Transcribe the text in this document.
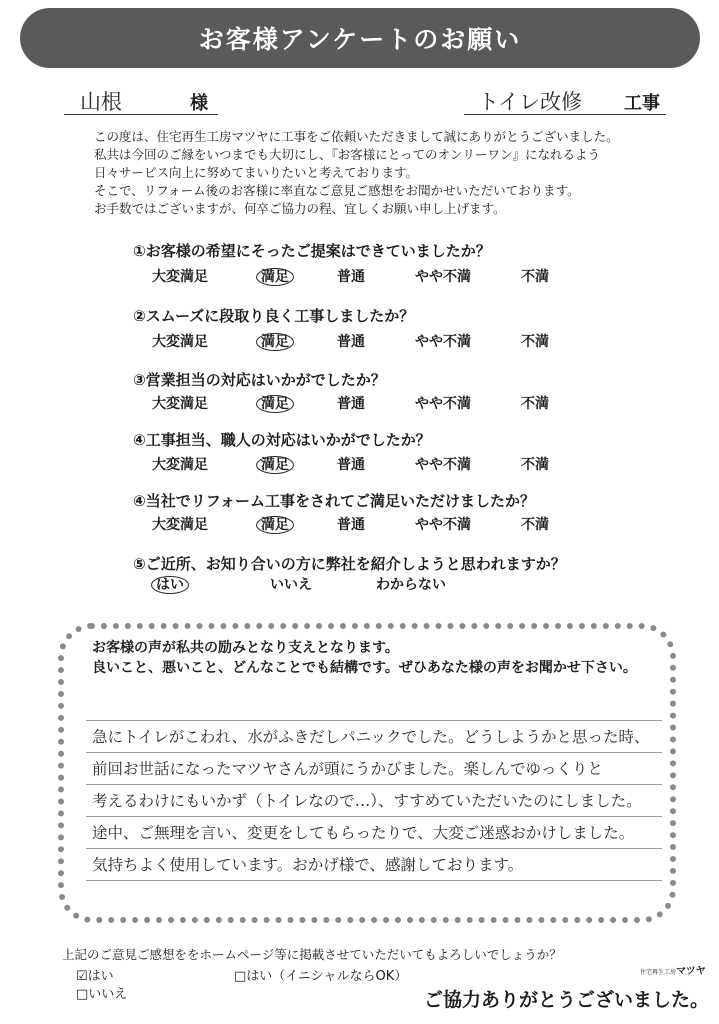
お客様アンケートのお願い
山根	様	トイレ改修 工事
この度は、住宅再生工房マツヤに工事をご依頼いただきまして誠にありがとうございました。
私共は今回のご縁をいつまでも大切にし、『お客様にとってのオンリーワン』になれるよう
日々サービス向上に努めてまいりたいと考えております。
そこで、リフォーム後のお客様に率直なご意見ご感想をお聞かせいただいております。
お手数ではございますが、何卒ご協力の程、宜しくお願い申し上げます。
①お客様の希望にそったご提案はできていましたか？
大変満足	満足	普通	やや不満	不満
②スムーズに段取り良く工事しましたか？
大変満足	満足	普通	やや不満	不満
③営業担当の対応はいかがでしたか？
大変満足	満足	普通	やや不満	不満
④工事担当、職人の対応はいかがでしたか？
大変満足	満足	普通	やや不満	不満
④当社でリフォーム工事をされてご満足いただけましたか？
大変満足	満足	普通	やや不満	不満
⑤ご近所、お知り合いの方に弊社を紹介しようと思われますか？
はい	いいえ	わからない
お客様の声が私共の励みとなり支えとなります。
良いこと、悪いこと、どんなことでも結構です。ぜひあなた様の声をお聞かせ下さい。
急にトイレがこわれ、水がふきだしパニックでした。どうしようかと思った時、
前回お世話になったマツヤさんが頭にうかびました。楽しんでゆっくりと
考えるわけにもいかず（トイレなので…）、すすめていただいたのにしました。
途中、ご無理を言い、変更をしてもらったりで、大変ご迷惑おかけしました。
気持ちよく使用しています。おかげ様で、感謝しております。
上記のご意見ご感想ををホームページ等に掲載させていただいてもよろしいでしょうか？
☑はい	□はい（イニシャルならOK）
□いいえ
住宅再生工房マツヤ
ご協力ありがとうございました。
